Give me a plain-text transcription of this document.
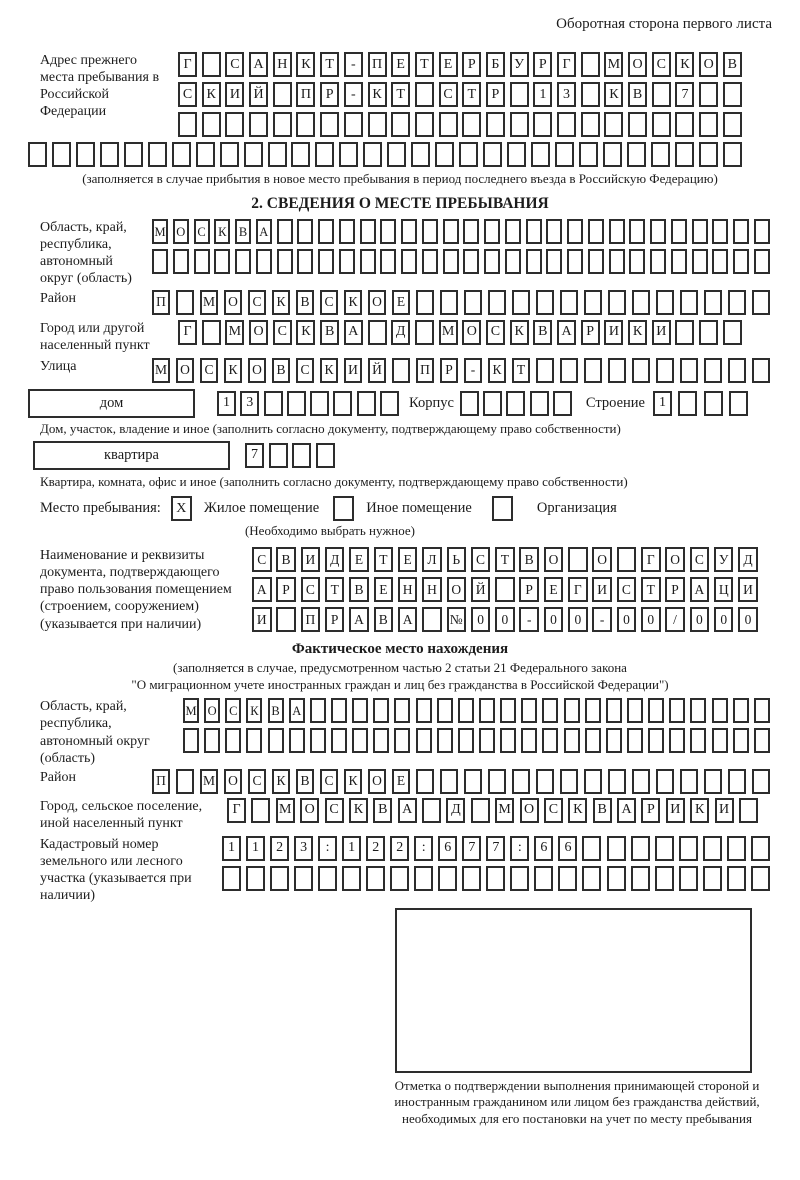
Оборотная сторона первого листа
Адрес прежнего места пребывания в Российской Федерации
Г	С А Н К	Т	-	П	Е	Т	Е	Р	Б	У	Р	Г	М О С	К О В
С	К И Й	П	Р	-	К	Т	С	Т	Р	1	3	К	В	7
(заполняется в случае прибытия в новое место пребывания в период последнего въезда в Российскую Федерацию)
2. СВЕДЕНИЯ О МЕСТЕ ПРЕБЫВАНИЯ
Область, край, республика, автономный округ (область)
М О С К В А
Район	П	М О	С	К	В	С	К	О	Е
Город или другой населенный пункт
Г	М О С	К	В А	Д	М О С	К	В А	Р	И К И
Улица	М О	С	К	О	В	С	К	И	Й	П	Р	-	К	Т
дом	1	3	Корпус	Строение	1
Дом, участок, владение и иное (заполнить согласно документу, подтверждающему право собственности)
квартира	7
Квартира, комната, офис и иное (заполнить согласно документу, подтверждающему право собственности)
Место пребывания:	X	Жилое помещение	Иное помещение	Организация
(Необходимо выбрать нужное)
Наименование и реквизиты документа, подтверждающего право пользования помещением (строением, сооружением) (указывается при наличии)
С	В	И	Д	Е	Т	Е	Л	Ь	С	Т	В	О	О	Г	О	С	У	Д
А	Р	С	Т	В	Е	Н	Н	О	Й	Р	Е	Г	И	С	Т	Р	А	Ц	И
И	П	Р	А	В	А	№	0	0	-	0	0	-	0	0	/	0	0	0
Фактическое место нахождения
(заполняется в случае, предусмотренном частью 2 статьи 21 Федерального закона
"О миграционном учете иностранных граждан и лиц без гражданства в Российской Федерации")
Область, край, республика, автономный округ (область)
М О С	К	В А
Район	П	М О	С	К	В	С	К	О	Е
Город, сельское поселение, иной населенный пункт
Г	М О	С	К	В	А	Д	М О	С	К	В	А	Р	И	К	И
Кадастровый номер земельного или лесного участка (указывается при наличии)
1	1	2	3	:	1	2	2	:	6	7	7	:	6	6
Отметка о подтверждении выполнения принимающей стороной и иностранным гражданином или лицом без гражданства действий, необходимых для его постановки на учет по месту пребывания
